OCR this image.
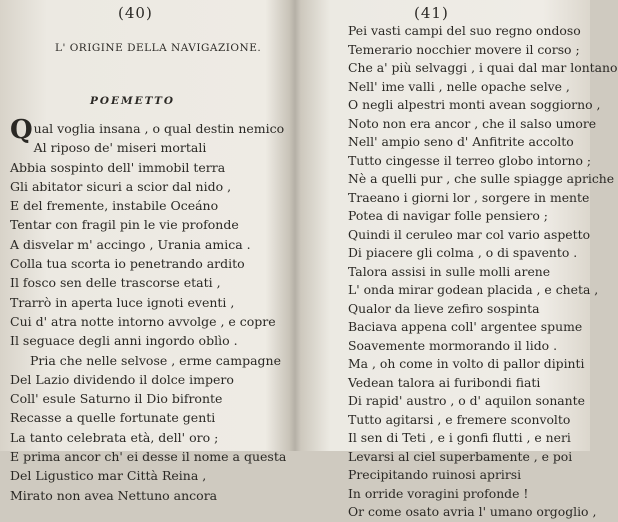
(40)
L' ORIGINE DELLA NAVIGAZIONE.
POEMETTO
Qual voglia insana , o qual destin nemico
Al riposo de' miseri mortali
Abbia sospinto dell' immobil terra
Gli abitator sicuri a scior dal nido ,
E del fremente, instabile Oceáno
Tentar con fragil pin le vie profonde
A disvelar m' accingo , Urania amica .
Colla tua scorta io penetrando ardito
Il fosco sen delle trascorse etati ,
Trarrò in aperta luce ignoti eventi ,
Cui d' atra notte intorno avvolge , e copre
Il seguace degli anni ingordo oblìo .
Pria che nelle selvose , erme campagne
Del Lazio dividendo il dolce impero
Coll' esule Saturno il Dio bifronte
Recasse a quelle fortunate genti
La tanto celebrata età, dell' oro ;
E prima ancor ch' ei desse il nome a questa
Del Ligustico mar Città Reina ,
Mirato non avea Nettuno ancora
(41)
Pei vasti campi del suo regno ondoso
Temerario nocchier movere il corso ;
Che a' più selvaggi , i quai dal mar lontano
Nell' ime valli , nelle opache selve ,
O negli alpestri monti avean soggiorno ,
Noto non era ancor , che il salso umore
Nell' ampio seno d' Anfitrite accolto
Tutto cingesse il terreo globo intorno ;
Nè a quelli pur , che sulle spiagge apriche
Traeano i giorni lor , sorgere in mente
Potea di navigar folle pensiero ;
Quindi il ceruleo mar col vario aspetto
Di piacere gli colma , o di spavento .
Talora assisi in sulle molli arene
L' onda mirar godean placida , e cheta ,
Qualor da lieve zefiro sospinta
Baciava appena coll' argentee spume
Soavemente mormorando il lido .
Ma , oh come in volto di pallor dipinti
Vedean talora ai furibondi fiati
Di rapid' austro , o d' aquilon sonante
Tutto agitarsi , e fremere sconvolto
Il sen di Teti , e i gonfi flutti , e neri
Levarsi al ciel superbamente , e poi
Precipitando ruinosi aprirsi
In orride voragini profonde !
Or come osato avria l' umano orgoglio ,
